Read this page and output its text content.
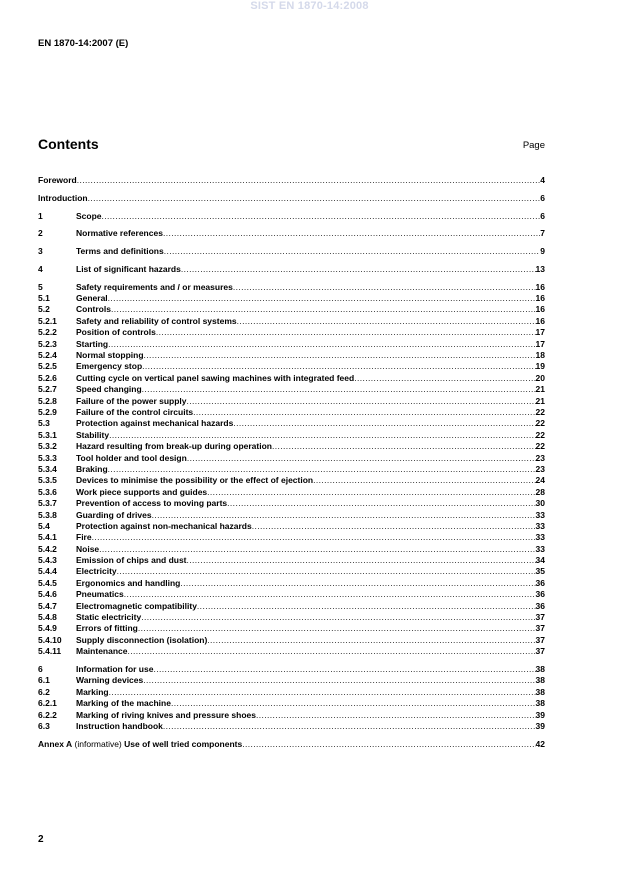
SIST EN 1870-14:2008
EN 1870-14:2007 (E)
Contents	Page
Foreword .....	4
Introduction .....	6
1	Scope .....	6
2	Normative references .....	7
3	Terms and definitions .....	9
4	List of significant hazards .....	13
5	Safety requirements and / or measures .....	16
5.1	General .....	16
5.2	Controls .....	16
5.2.1	Safety and reliability of control systems .....	16
5.2.2	Position of controls .....	17
5.2.3	Starting .....	17
5.2.4	Normal stopping .....	18
5.2.5	Emergency stop .....	19
5.2.6	Cutting cycle on vertical panel sawing machines with integrated feed .....	20
5.2.7	Speed changing .....	21
5.2.8	Failure of the power supply .....	21
5.2.9	Failure of the control circuits .....	22
5.3	Protection against mechanical hazards .....	22
5.3.1	Stability .....	22
5.3.2	Hazard resulting from break-up during operation .....	22
5.3.3	Tool holder and tool design .....	23
5.3.4	Braking .....	23
5.3.5	Devices to minimise the possibility or the effect of ejection .....	24
5.3.6	Work piece supports and guides .....	28
5.3.7	Prevention of access to moving parts .....	30
5.3.8	Guarding of drives .....	33
5.4	Protection against non-mechanical hazards .....	33
5.4.1	Fire .....	33
5.4.2	Noise .....	33
5.4.3	Emission of chips and dust .....	34
5.4.4	Electricity .....	35
5.4.5	Ergonomics and handling .....	36
5.4.6	Pneumatics .....	36
5.4.7	Electromagnetic compatibility .....	36
5.4.8	Static electricity .....	37
5.4.9	Errors of fitting .....	37
5.4.10	Supply disconnection (isolation) .....	37
5.4.11	Maintenance .....	37
6	Information for use .....	38
6.1	Warning devices .....	38
6.2	Marking .....	38
6.2.1	Marking of the machine .....	38
6.2.2	Marking of riving knives and pressure shoes .....	39
6.3	Instruction handbook .....	39
Annex A (informative) Use of well tried components .....	42
2
